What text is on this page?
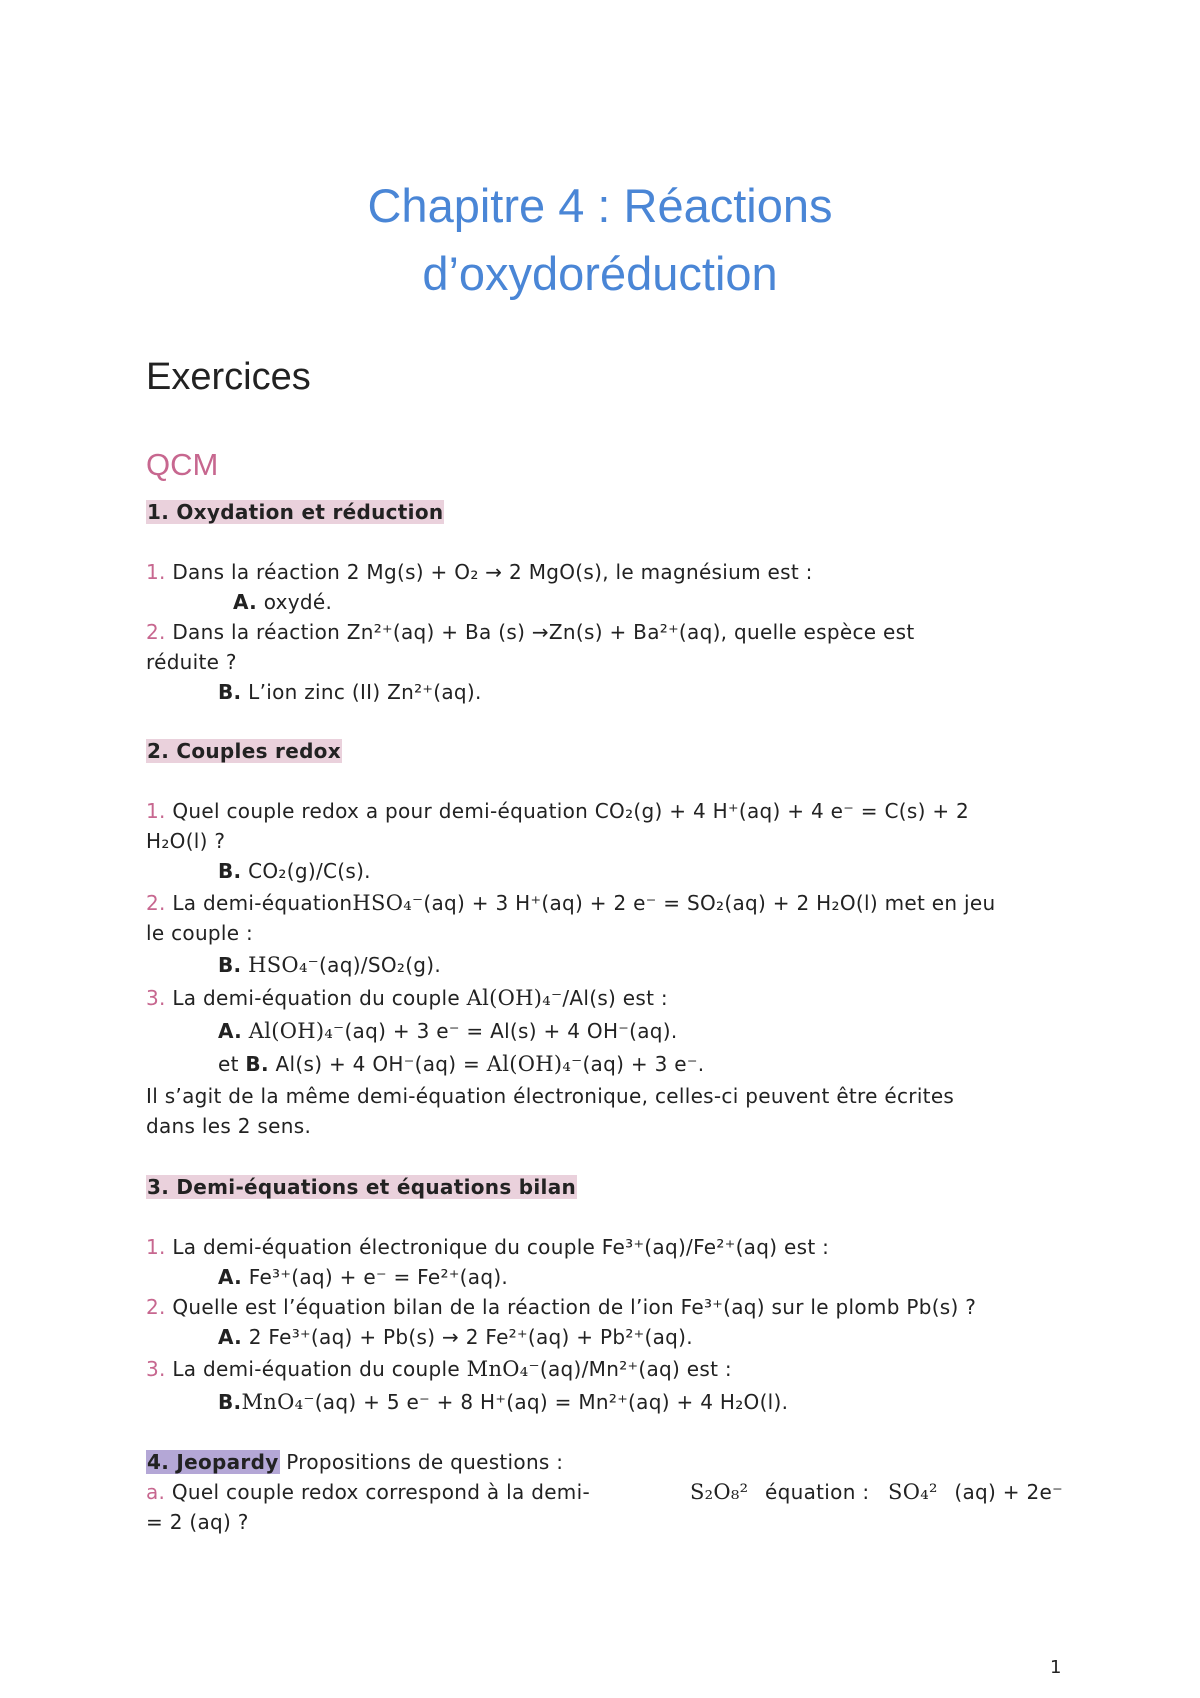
Chapitre 4 : Réactions
d’oxydoréduction
Exercices
QCM
1. Oxydation et réduction
1. Dans la réaction 2 Mg(s) + O₂ → 2 MgO(s), le magnésium est :
A. oxydé.
2. Dans la réaction Zn²⁺(aq) + Ba (s) →Zn(s) + Ba²⁺(aq), quelle espèce est
réduite ?
B. L’ion zinc (II) Zn²⁺(aq).
2. Couples redox
1. Quel couple redox a pour demi-équation CO₂(g) + 4 H⁺(aq) + 4 e⁻ = C(s) + 2
H₂O(l) ?
B. CO₂(g)/C(s).
2. La demi-équationHSO₄⁻(aq) + 3 H⁺(aq) + 2 e⁻ = SO₂(aq) + 2 H₂O(l) met en jeu
le couple :
B. HSO₄⁻(aq)/SO₂(g).
3. La demi-équation du couple Al(OH)₄⁻/Al(s) est :
A. Al(OH)₄⁻(aq) + 3 e⁻ = Al(s) + 4 OH⁻(aq).
et B. Al(s) + 4 OH⁻(aq) = Al(OH)₄⁻(aq) + 3 e⁻.
Il s’agit de la même demi-équation électronique, celles-ci peuvent être écrites
dans les 2 sens.
3. Demi-équations et équations bilan
1. La demi-équation électronique du couple Fe³⁺(aq)/Fe²⁺(aq) est :
A. Fe³⁺(aq) + e⁻ = Fe²⁺(aq).
2. Quelle est l’équation bilan de la réaction de l’ion Fe³⁺(aq) sur le plomb Pb(s) ?
A. 2 Fe³⁺(aq) + Pb(s) → 2 Fe²⁺(aq) + Pb²⁺(aq).
3. La demi-équation du couple MnO₄⁻(aq)/Mn²⁺(aq) est :
B.MnO₄⁻(aq) + 5 e⁻ + 8 H⁺(aq) = Mn²⁺(aq) + 4 H₂O(l).
4. Jeopardy Propositions de questions :
a. Quel couple redox correspond à la demi-	S₂O₈² équation : SO₄² (aq) + 2e⁻
= 2 (aq) ?
1
